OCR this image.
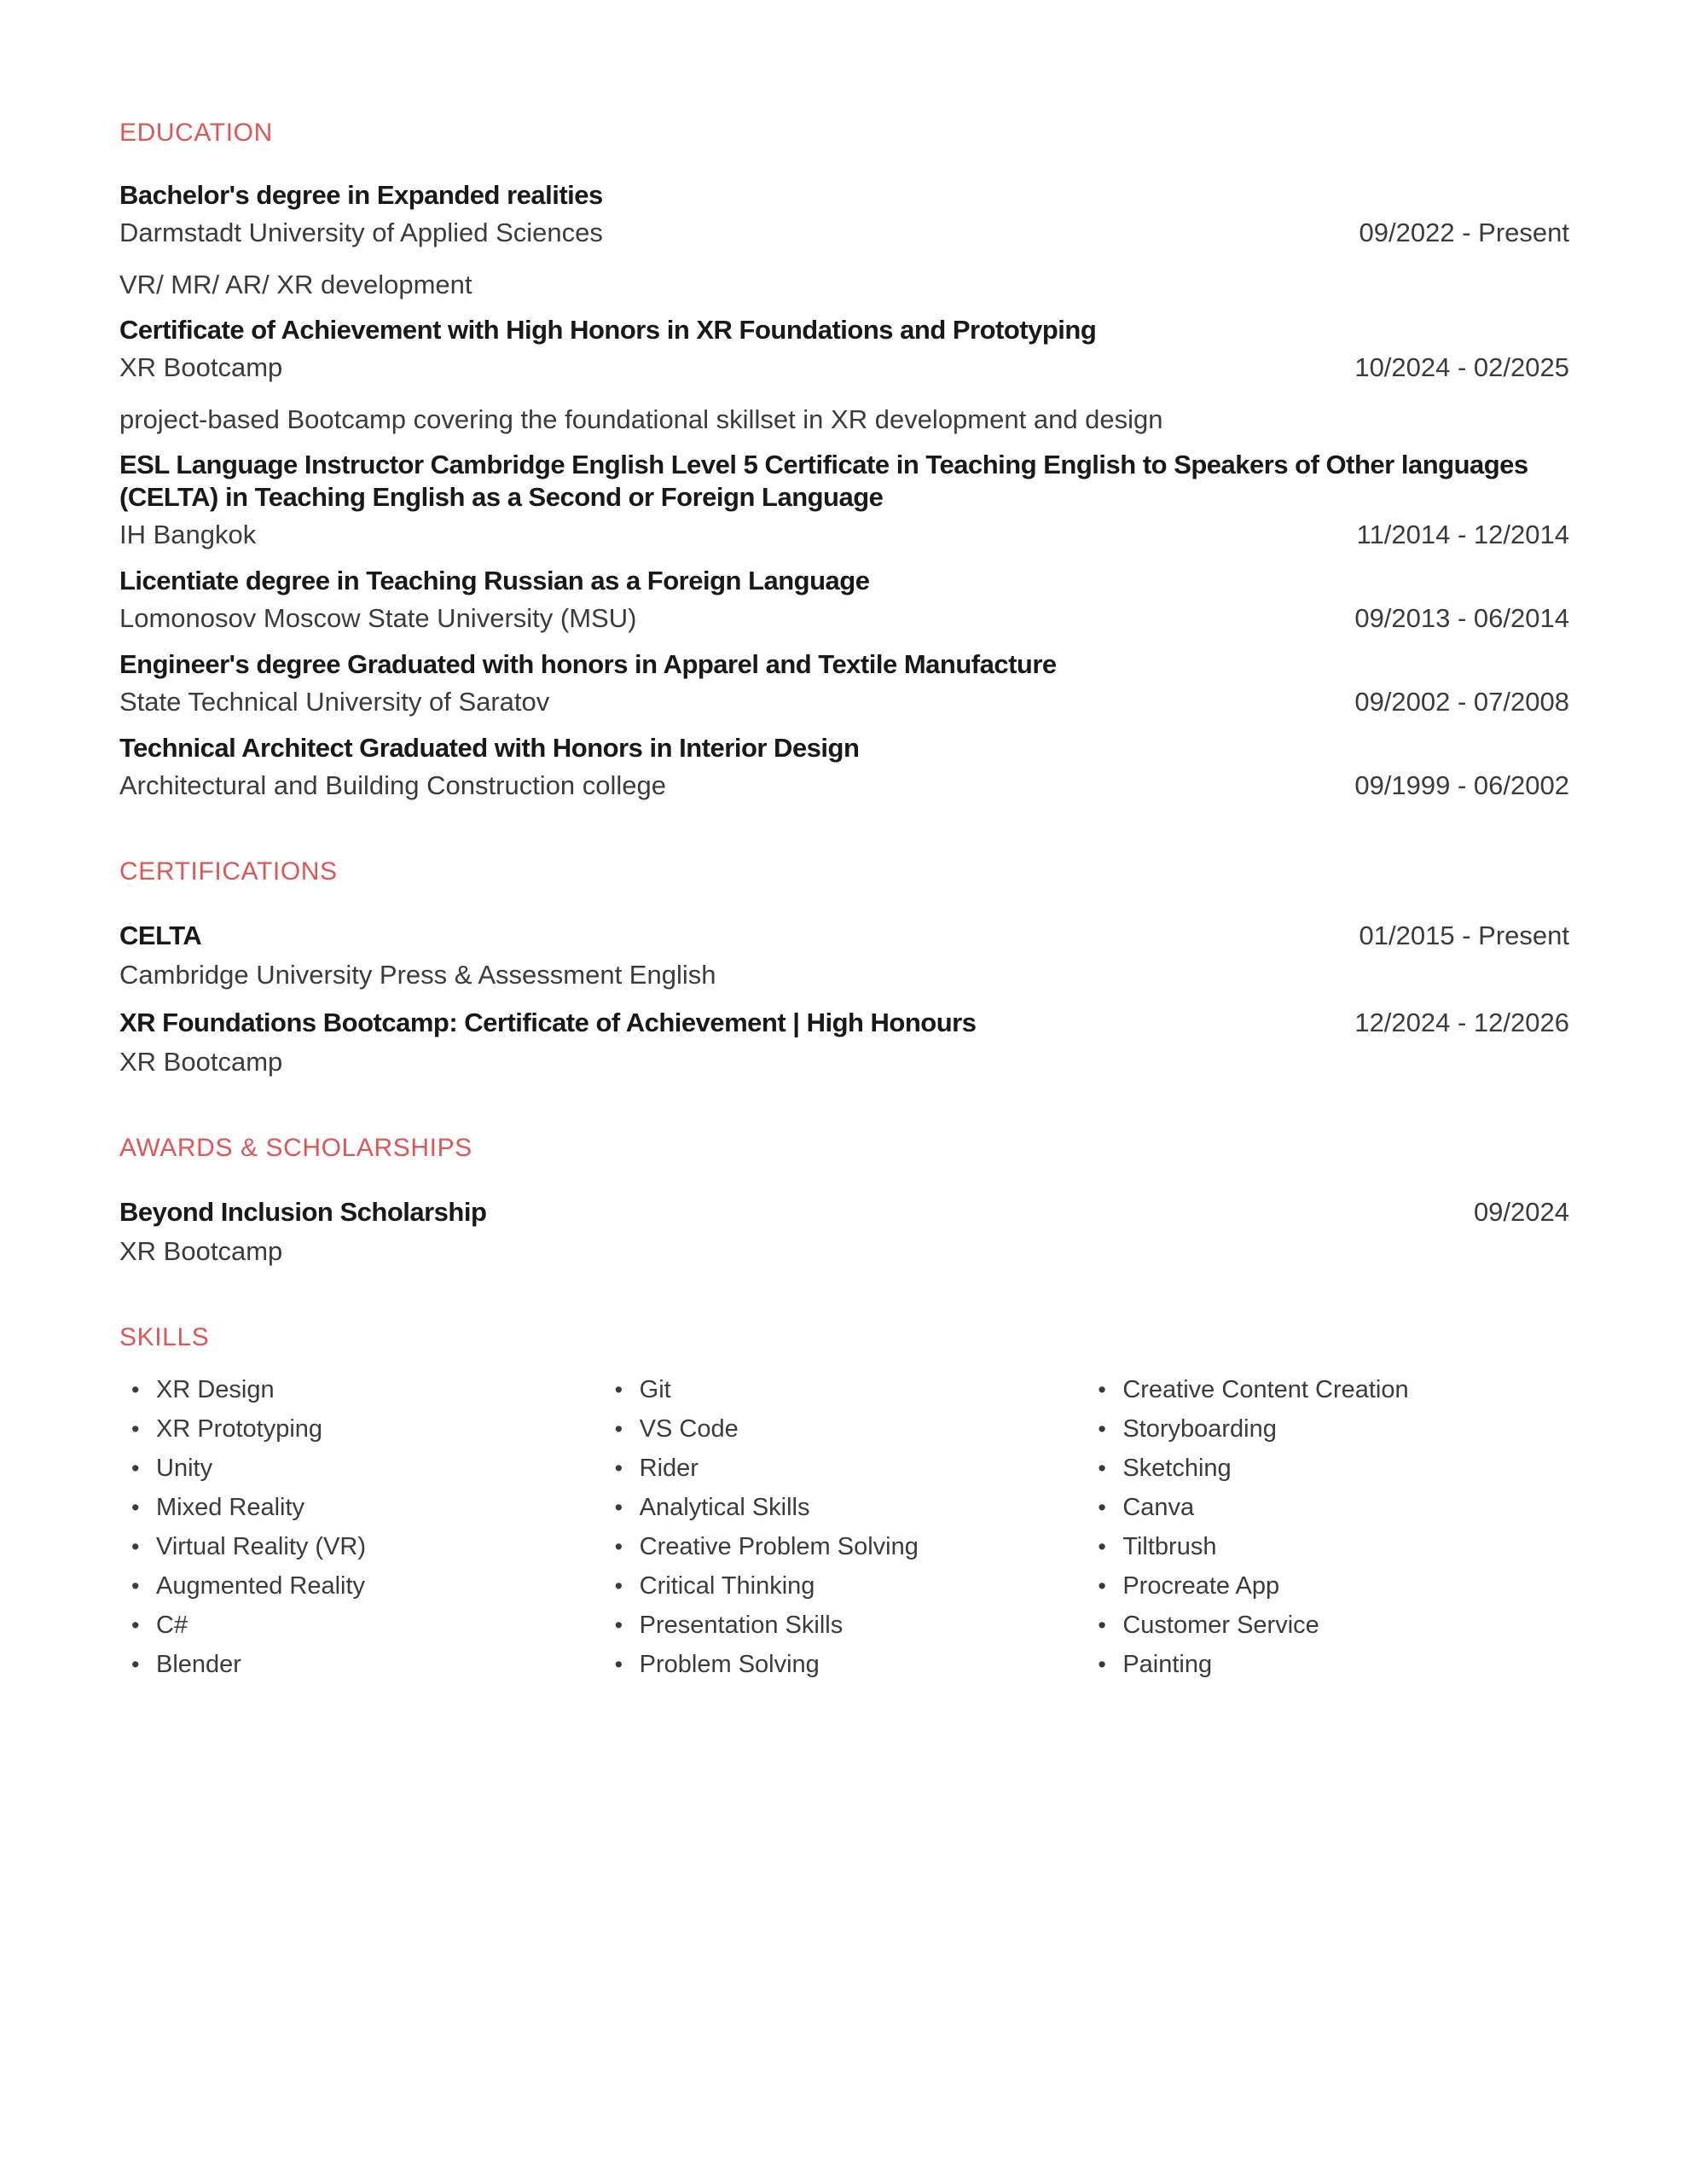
EDUCATION
Bachelor's degree in Expanded realities
Darmstadt University of Applied Sciences	09/2022 - Present
VR/ MR/ AR/ XR development
Certificate of Achievement with High Honors in XR Foundations and Prototyping
XR Bootcamp	10/2024 - 02/2025
project-based Bootcamp covering the foundational skillset in XR development and design
ESL Language Instructor Cambridge English Level 5 Certificate in Teaching English to Speakers of Other languages (CELTA) in Teaching English as a Second or Foreign Language
IH Bangkok	11/2014 - 12/2014
Licentiate degree in Teaching Russian as a Foreign Language
Lomonosov Moscow State University (MSU)	09/2013 - 06/2014
Engineer's degree Graduated with honors in Apparel and Textile Manufacture
State Technical University of Saratov	09/2002 - 07/2008
Technical Architect Graduated with Honors in Interior Design
Architectural and Building Construction college	09/1999 - 06/2002
CERTIFICATIONS
CELTA	01/2015 - Present
Cambridge University Press & Assessment English
XR Foundations Bootcamp: Certificate of Achievement | High Honours	12/2024 - 12/2026
XR Bootcamp
AWARDS & SCHOLARSHIPS
Beyond Inclusion Scholarship	09/2024
XR Bootcamp
SKILLS
• XR Design
• XR Prototyping
• Unity
• Mixed Reality
• Virtual Reality (VR)
• Augmented Reality
• C#
• Blender
• Git
• VS Code
• Rider
• Analytical Skills
• Creative Problem Solving
• Critical Thinking
• Presentation Skills
• Problem Solving
• Creative Content Creation
• Storyboarding
• Sketching
• Canva
• Tiltbrush
• Procreate App
• Customer Service
• Painting
